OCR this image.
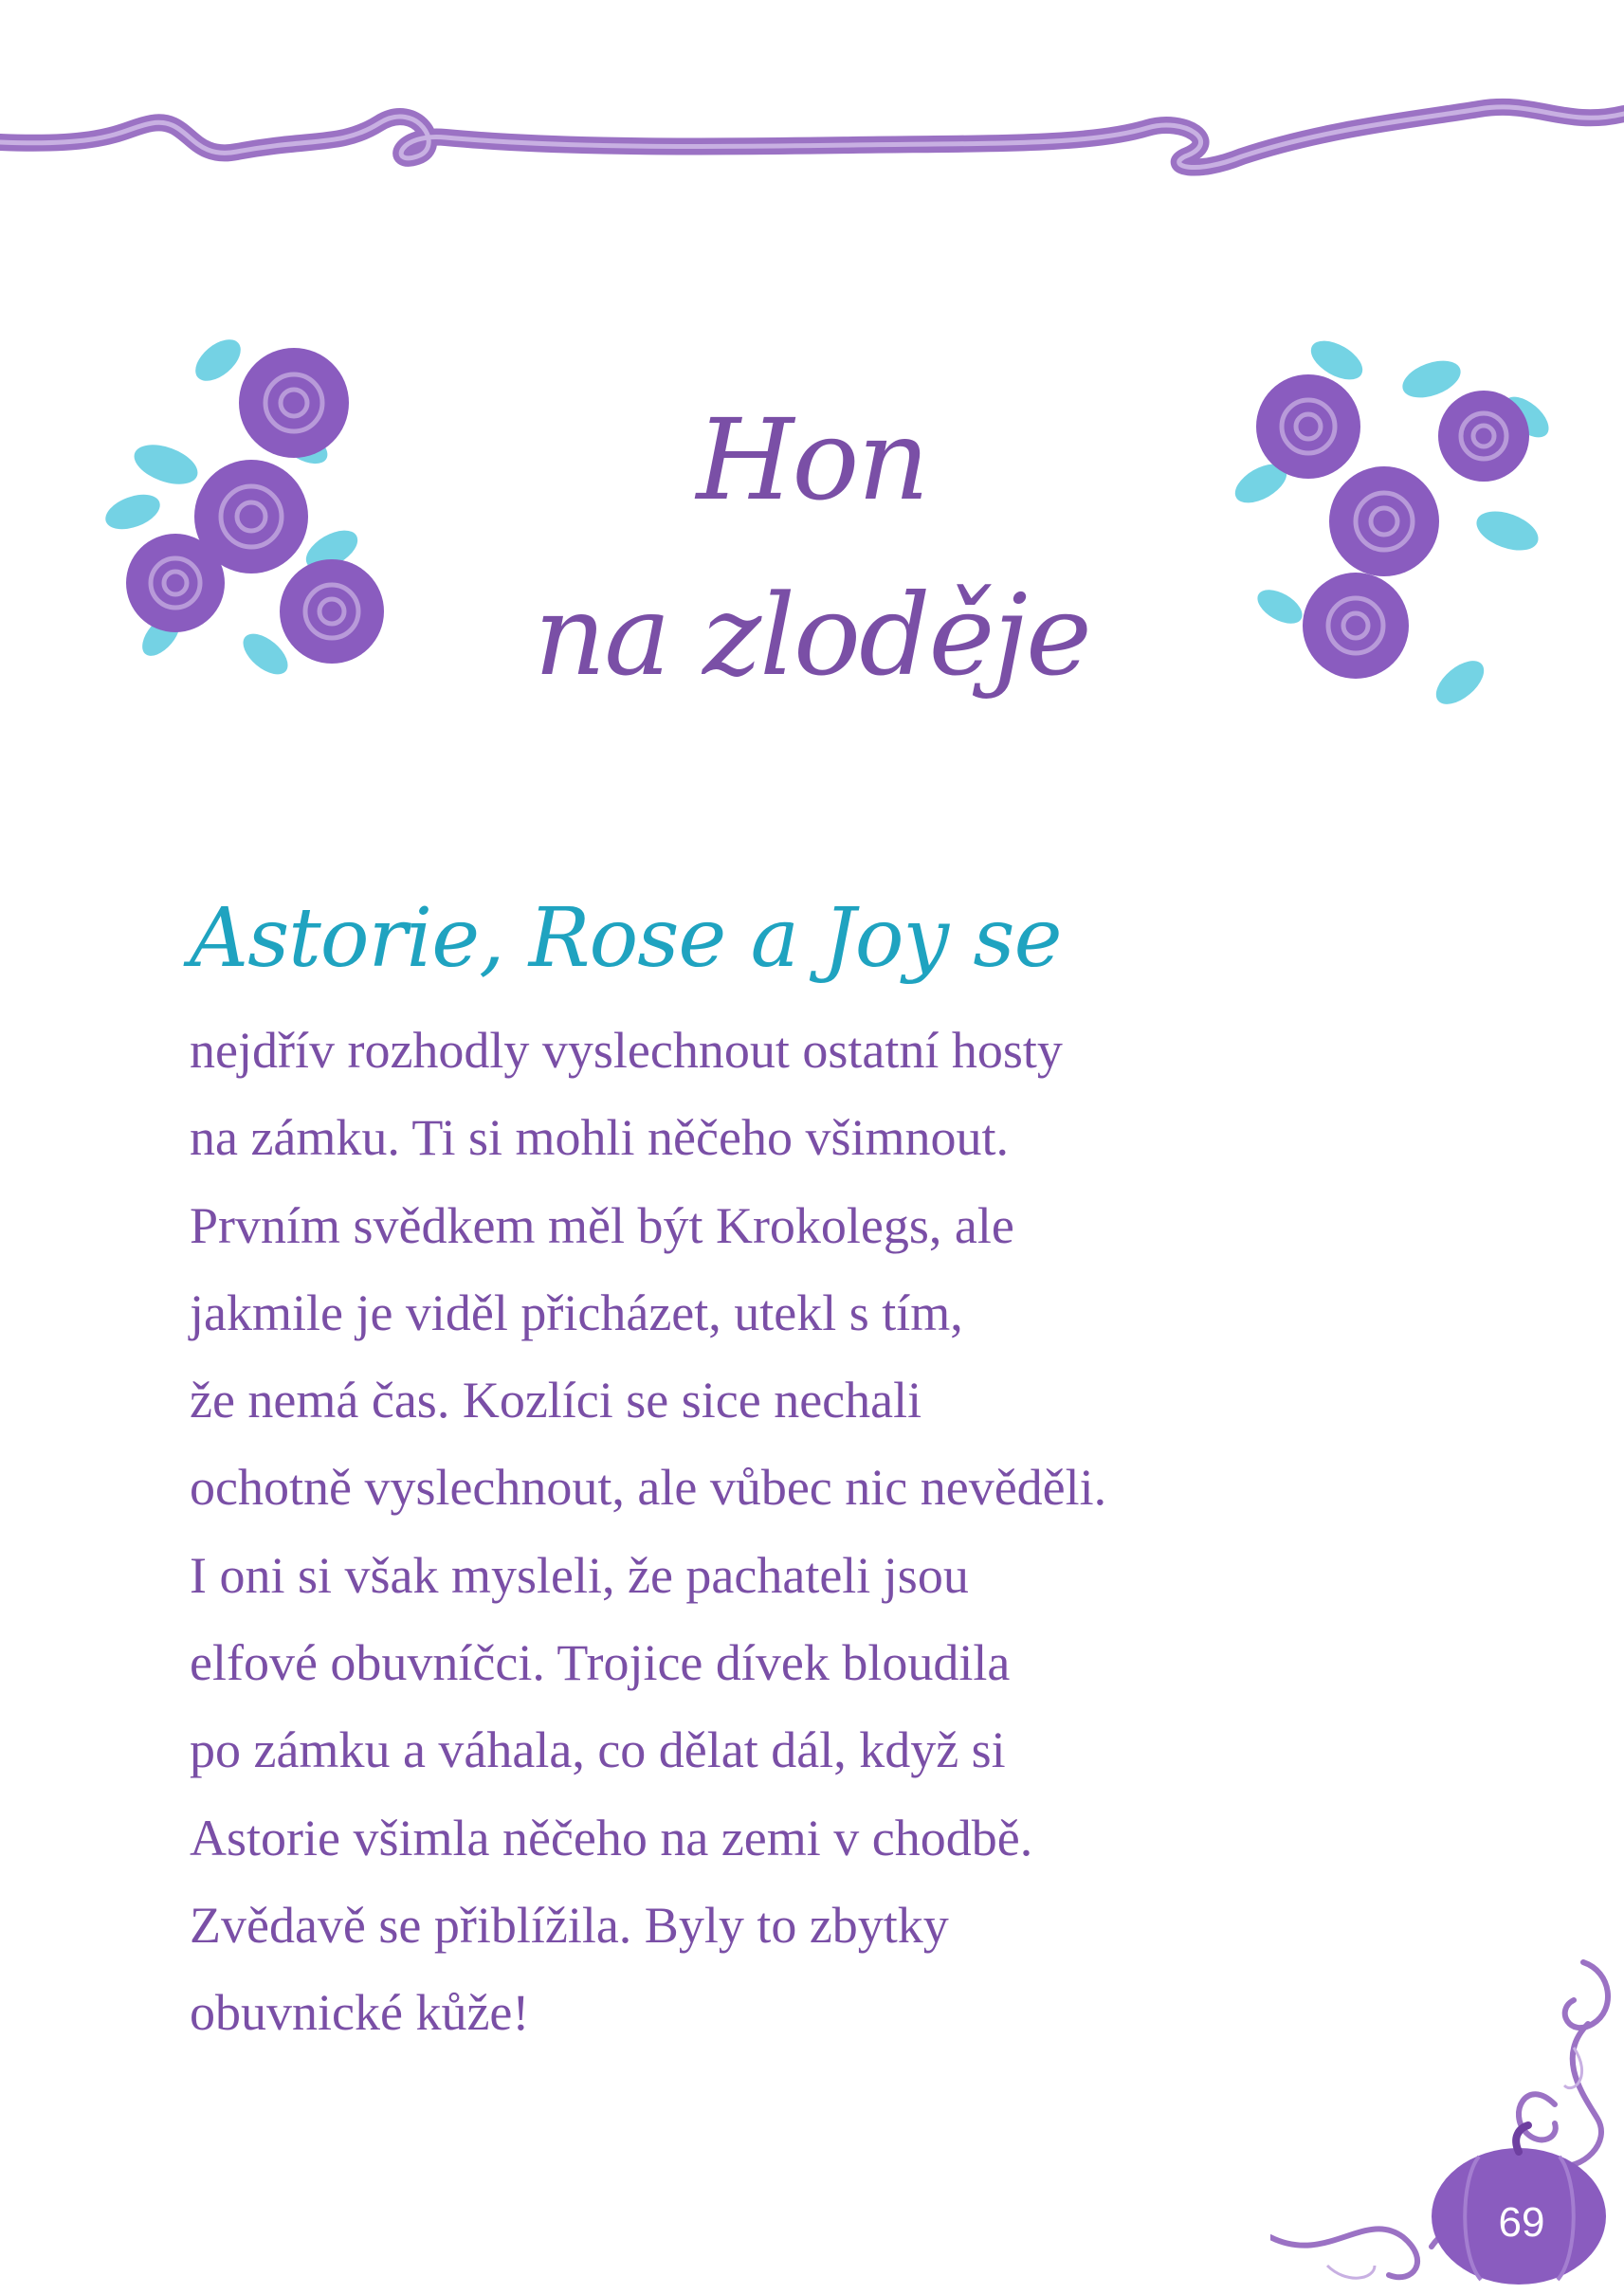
Hon
na zloděje
Astorie, Rose a Joy se
nejdřív rozhodly vyslechnout ostatní hosty
na zámku. Ti si mohli něčeho všimnout.
Prvním svědkem měl být Krokolegs, ale
jakmile je viděl přicházet, utekl s tím,
že nemá čas. Kozlíci se sice nechali
ochotně vyslechnout, ale vůbec nic nevěděli.
I oni si však mysleli, že pachateli jsou
elfové obuvníčci. Trojice dívek bloudila
po zámku a váhala, co dělat dál, když si
Astorie všimla něčeho na zemi v chodbě.
Zvědavě se přiblížila. Byly to zbytky
obuvnické kůže!
69
